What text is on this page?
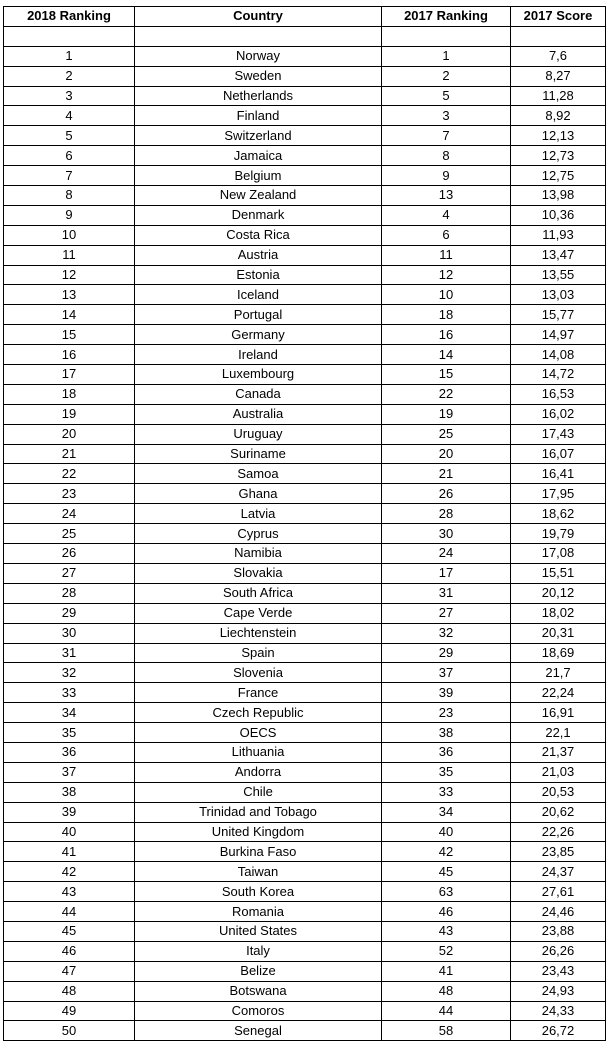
2018 Ranking	Country	2017 Ranking	2017 Score

1	Norway	1	7,6
2	Sweden	2	8,27
3	Netherlands	5	11,28
4	Finland	3	8,92
5	Switzerland	7	12,13
6	Jamaica	8	12,73
7	Belgium	9	12,75
8	New Zealand	13	13,98
9	Denmark	4	10,36
10	Costa Rica	6	11,93
11	Austria	11	13,47
12	Estonia	12	13,55
13	Iceland	10	13,03
14	Portugal	18	15,77
15	Germany	16	14,97
16	Ireland	14	14,08
17	Luxembourg	15	14,72
18	Canada	22	16,53
19	Australia	19	16,02
20	Uruguay	25	17,43
21	Suriname	20	16,07
22	Samoa	21	16,41
23	Ghana	26	17,95
24	Latvia	28	18,62
25	Cyprus	30	19,79
26	Namibia	24	17,08
27	Slovakia	17	15,51
28	South Africa	31	20,12
29	Cape Verde	27	18,02
30	Liechtenstein	32	20,31
31	Spain	29	18,69
32	Slovenia	37	21,7
33	France	39	22,24
34	Czech Republic	23	16,91
35	OECS	38	22,1
36	Lithuania	36	21,37
37	Andorra	35	21,03
38	Chile	33	20,53
39	Trinidad and Tobago	34	20,62
40	United Kingdom	40	22,26
41	Burkina Faso	42	23,85
42	Taiwan	45	24,37
43	South Korea	63	27,61
44	Romania	46	24,46
45	United States	43	23,88
46	Italy	52	26,26
47	Belize	41	23,43
48	Botswana	48	24,93
49	Comoros	44	24,33
50	Senegal	58	26,72
